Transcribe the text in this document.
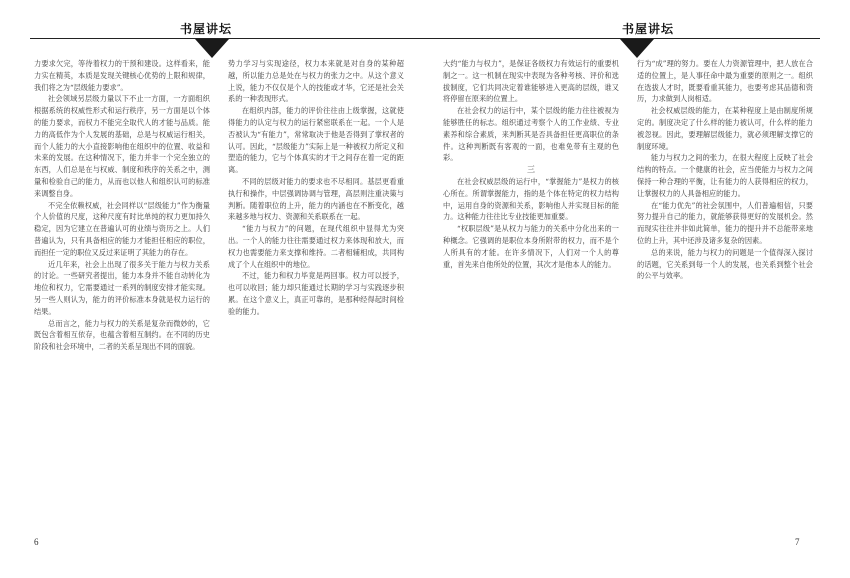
书屋讲坛

力要求欠完，等待着权力的干预和建设。这样看来，能力实在精英，本质是发现关键核心优势的上限和规律，我们将之为“层级能力要求”。

社会领域另层级力量以下不止一方面，一方面组织根据系统的权威性形式和运行秩序，另一方面是以个体的能力要求，而权力不能完全取代人的才能与品质。能力的高低作为个人发展的基础，总是与权威运行相关，而个人能力的大小直接影响他在组织中的位置、收益和未来的发展。在这种情况下，能力并非一个完全独立的东西，人们总是在与权威、制度和秩序的关系之中，测量和检验自己的能力，从而也以他人和组织认可的标准来调整自身。

不完全依赖权威，社会同样以“层级能力”作为衡量个人价值的尺度，这种尺度有时比单纯的权力更加持久稳定，因为它建立在普遍认可的业绩与资历之上。人们普遍认为，只有具备相应的能力才能担任相应的职位，而担任一定的职位又反过来证明了其能力的存在。

近几年来，社会上出现了很多关于能力与权力关系的讨论。一些研究者提出，能力本身并不能自动转化为地位和权力，它需要通过一系列的制度安排才能实现。另一些人则认为，能力的评价标准本身就是权力运行的结果。

总而言之，能力与权力的关系是复杂而微妙的，它既包含着相互依存，也蕴含着相互制约。在不同的历史阶段和社会环境中，二者的关系呈现出不同的面貌。

势力学习与实现途径，权力本来就是对自身的某种超越，所以能力总是处在与权力的张力之中。从这个意义上说，能力不仅仅是个人的技能或才华，它还是社会关系的一种表现形式。

在组织内部，能力的评价往往由上级掌握，这就使得能力的认定与权力的运行紧密联系在一起。一个人是否被认为“有能力”，常常取决于他是否得到了掌权者的认可。因此，“层级能力”实际上是一种被权力所定义和塑造的能力，它与个体真实的才干之间存在着一定的距离。

不同的层级对能力的要求也不尽相同。基层更看重执行和操作，中层强调协调与管理，高层则注重决策与判断。随着职位的上升，能力的内涵也在不断变化，越来越多地与权力、资源和关系联系在一起。

“能力与权力”的问题，在现代组织中显得尤为突出。一个人的能力往往需要通过权力来体现和放大，而权力也需要能力来支撑和维持。二者相辅相成，共同构成了个人在组织中的地位。

不过，能力和权力毕竟是两回事。权力可以授予，也可以收回；能力却只能通过长期的学习与实践逐步积累。在这个意义上，真正可靠的，是那种经得起时间检验的能力。

6
书屋讲坛

大约“能力与权力”，是保证各级权力有效运行的重要机制之一。这一机制在现实中表现为各种考核、评价和选拔制度，它们共同决定着谁能够进入更高的层级，谁又将停留在原来的位置上。

在社会权力的运行中，某个层级的能力往往被视为能够胜任的标志。组织通过考察个人的工作业绩、专业素养和综合素质，来判断其是否具备担任更高职位的条件。这种判断既有客观的一面，也难免带有主观的色彩。

三

在社会权威层级的运行中，“掌握能力”是权力的核心所在。所谓掌握能力，指的是个体在特定的权力结构中，运用自身的资源和关系，影响他人并实现目标的能力。这种能力往往比专业技能更加重要。

“权职层级”是从权力与能力的关系中分化出来的一种概念。它强调的是职位本身所附带的权力，而不是个人所具有的才能。在许多情况下，人们对一个人的尊重，首先来自他所处的位置，其次才是他本人的能力。

行为“成”理的努力。要在人力资源管理中，把人放在合适的位置上，是人事任命中最为重要的原则之一。组织在选拔人才时，既要看重其能力，也要考虑其品德和资历，力求做到人岗相适。

社会权威层级的能力，在某种程度上是由制度所规定的。制度决定了什么样的能力被认可，什么样的能力被忽视。因此，要理解层级能力，就必须理解支撑它的制度环境。

能力与权力之间的张力，在很大程度上反映了社会结构的特点。一个健康的社会，应当使能力与权力之间保持一种合理的平衡，让有能力的人获得相应的权力，让掌握权力的人具备相应的能力。

在“能力优先”的社会氛围中，人们普遍相信，只要努力提升自己的能力，就能够获得更好的发展机会。然而现实往往并非如此简单，能力的提升并不总能带来地位的上升，其中还涉及诸多复杂的因素。

总的来说，能力与权力的问题是一个值得深入探讨的话题，它关系到每一个人的发展，也关系到整个社会的公平与效率。

7
